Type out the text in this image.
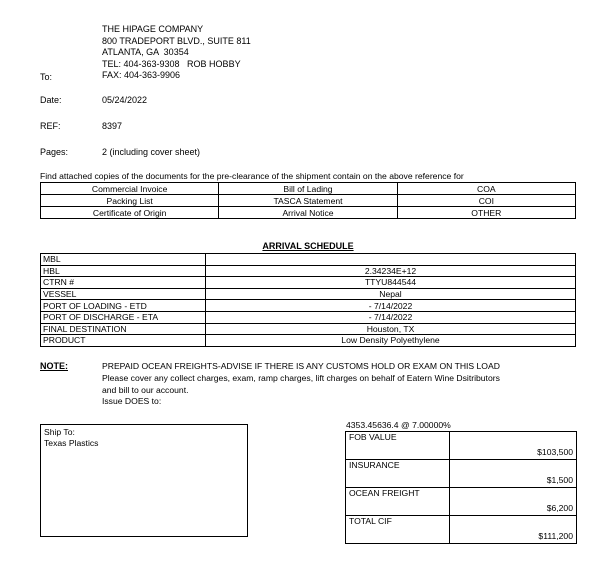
THE HIPAGE COMPANY
800 TRADEPORT BLVD., SUITE 811
ATLANTA, GA  30354
TEL: 404-363-9308   ROB HOBBY
FAX: 404-363-9906
To:
Date:	05/24/2022
REF:	8397
Pages:	2 (including cover sheet)
Find attached copies of the documents for the pre-clearance of the shipment contain on the above reference for
Commercial Invoice	Bill of Lading	COA
Packing List	TASCA Statement	COI
Certificate of Origin	Arrival Notice	OTHER
ARRIVAL SCHEDULE
MBL	
HBL	2.34234E+12
CTRN #	TTYU844544
VESSEL	Nepal
PORT OF LOADING - ETD	- 7/14/2022
PORT OF DISCHARGE - ETA	- 7/14/2022
FINAL DESTINATION	Houston, TX
PRODUCT	Low Density Polyethylene
NOTE:	PREPAID OCEAN FREIGHTS-ADVISE IF THERE IS ANY CUSTOMS HOLD OR EXAM ON THIS LOAD
Please cover any collect charges, exam, ramp charges, lift charges on behalf of Eatern Wine Dsitributors
and bill to our account.
Issue DOES to:
Ship To:
Texas Plastics
4353.45636.4 @ 7.00000%
FOB VALUE	$103,500
INSURANCE	$1,500
OCEAN FREIGHT	$6,200
TOTAL CIF	$111,200
